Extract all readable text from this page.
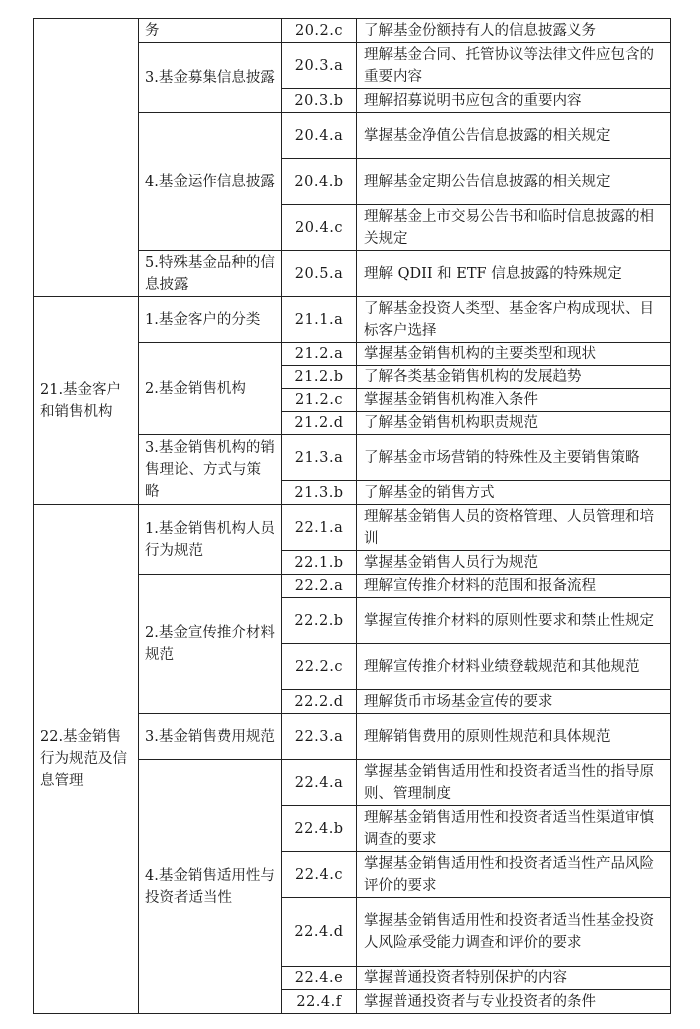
	务	20.2.c	了解基金份额持有人的信息披露义务
	3.基金募集信息披露	20.3.a	理解基金合同、托管协议等法律文件应包含的重要内容
		20.3.b	理解招募说明书应包含的重要内容
	4.基金运作信息披露	20.4.a	掌握基金净值公告信息披露的相关规定
		20.4.b	理解基金定期公告信息披露的相关规定
		20.4.c	理解基金上市交易公告书和临时信息披露的相关规定
	5.特殊基金品种的信息披露	20.5.a	理解 QDII 和 ETF 信息披露的特殊规定
21.基金客户和销售机构	1.基金客户的分类	21.1.a	了解基金投资人类型、基金客户构成现状、目标客户选择
	2.基金销售机构	21.2.a	掌握基金销售机构的主要类型和现状
		21.2.b	了解各类基金销售机构的发展趋势
		21.2.c	掌握基金销售机构准入条件
		21.2.d	了解基金销售机构职责规范
	3.基金销售机构的销售理论、方式与策略	21.3.a	了解基金市场营销的特殊性及主要销售策略
		21.3.b	了解基金的销售方式
22.基金销售行为规范及信息管理	1.基金销售机构人员行为规范	22.1.a	理解基金销售人员的资格管理、人员管理和培训
		22.1.b	掌握基金销售人员行为规范
	2.基金宣传推介材料规范	22.2.a	理解宣传推介材料的范围和报备流程
		22.2.b	掌握宣传推介材料的原则性要求和禁止性规定
		22.2.c	理解宣传推介材料业绩登载规范和其他规范
		22.2.d	理解货币市场基金宣传的要求
	3.基金销售费用规范	22.3.a	理解销售费用的原则性规范和具体规范
	4.基金销售适用性与投资者适当性	22.4.a	掌握基金销售适用性和投资者适当性的指导原则、管理制度
		22.4.b	理解基金销售适用性和投资者适当性渠道审慎调查的要求
		22.4.c	掌握基金销售适用性和投资者适当性产品风险评价的要求
		22.4.d	掌握基金销售适用性和投资者适当性基金投资人风险承受能力调查和评价的要求
		22.4.e	掌握普通投资者特别保护的内容
		22.4.f	掌握普通投资者与专业投资者的条件
